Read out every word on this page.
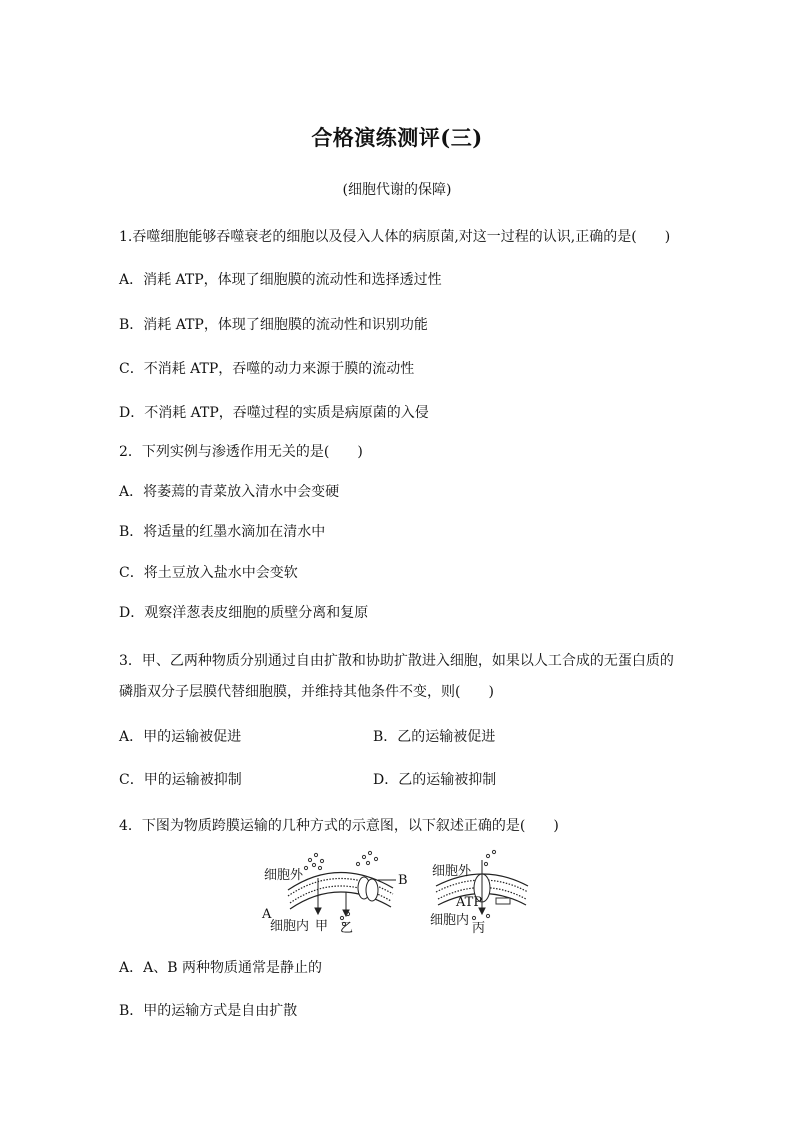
合格演练测评(三)
(细胞代谢的保障)
1.吞噬细胞能够吞噬衰老的细胞以及侵入人体的病原菌,对这一过程的认识,正确的是(　　)
A．消耗 ATP，体现了细胞膜的流动性和选择透过性
B．消耗 ATP，体现了细胞膜的流动性和识别功能
C．不消耗 ATP，吞噬的动力来源于膜的流动性
D．不消耗 ATP，吞噬过程的实质是病原菌的入侵
2．下列实例与渗透作用无关的是(　　)
A．将萎蔫的青菜放入清水中会变硬
B．将适量的红墨水滴加在清水中
C．将土豆放入盐水中会变软
D．观察洋葱表皮细胞的质壁分离和复原
3．甲、乙两种物质分别通过自由扩散和协助扩散进入细胞，如果以人工合成的无蛋白质的
磷脂双分子层膜代替细胞膜，并维持其他条件不变，则(　　)
A．甲的运输被促进	B．乙的运输被促进
C．甲的运输被抑制	D．乙的运输被抑制
4．下图为物质跨膜运输的几种方式的示意图，以下叙述正确的是(　　)
细胞外	B
A
细胞内 甲 乙
ATP
细胞外
细胞内
丙
A．A、B 两种物质通常是静止的
B．甲的运输方式是自由扩散
